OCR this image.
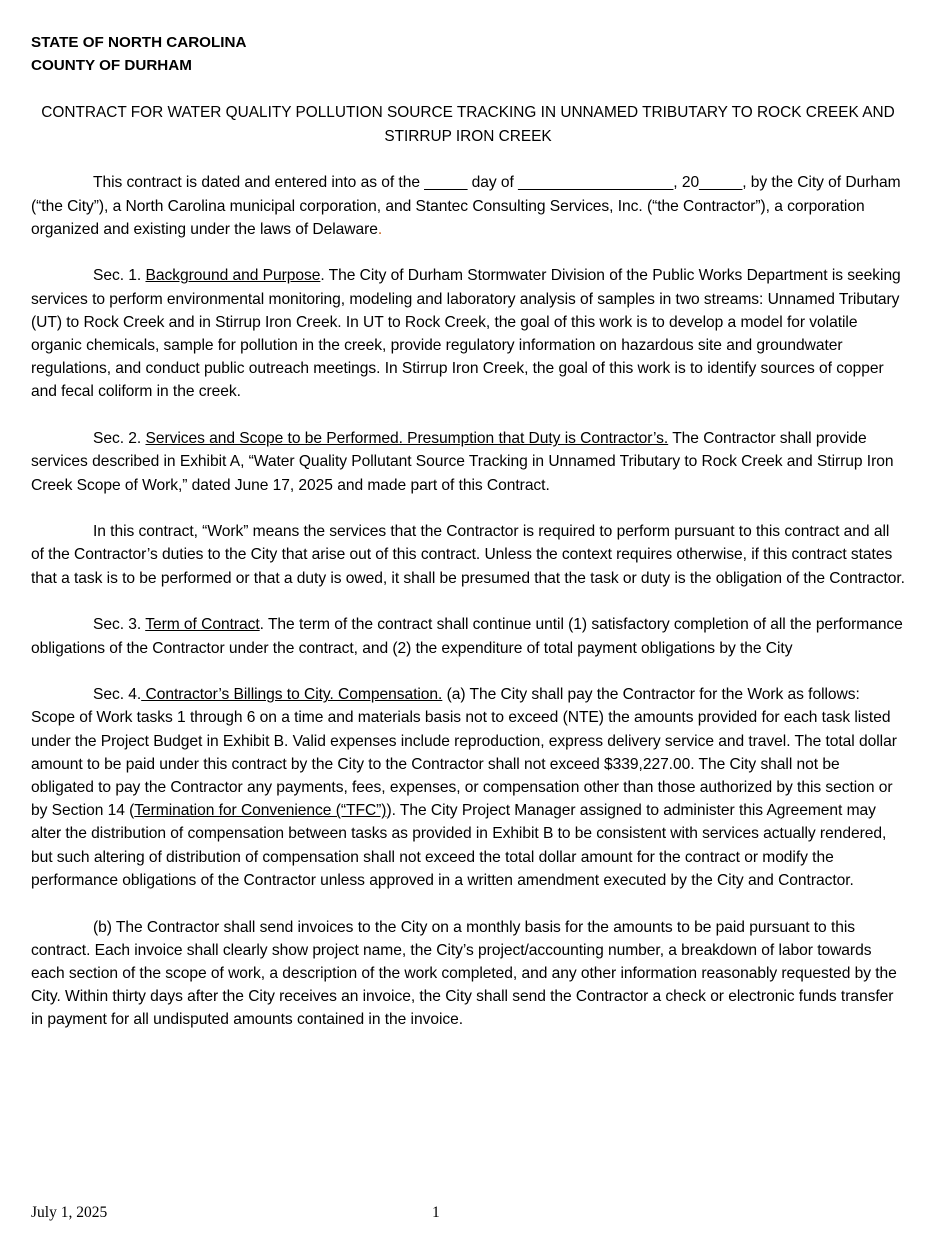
STATE OF NORTH CAROLINA
COUNTY OF DURHAM
CONTRACT FOR WATER QUALITY POLLUTION SOURCE TRACKING IN UNNAMED TRIBUTARY TO ROCK CREEK AND
STIRRUP IRON CREEK

This contract is dated and entered into as of the _____ day of __________________, 20_____, by the City of Durham (“the City”), a North Carolina municipal corporation, and Stantec Consulting Services, Inc. (“the Contractor”), a corporation organized and existing under the laws of Delaware.

Sec. 1. Background and Purpose. The City of Durham Stormwater Division of the Public Works Department is seeking services to perform environmental monitoring, modeling and laboratory analysis of samples in two streams: Unnamed Tributary (UT) to Rock Creek and in Stirrup Iron Creek. In UT to Rock Creek, the goal of this work is to develop a model for volatile organic chemicals, sample for pollution in the creek, provide regulatory information on hazardous site and groundwater regulations, and conduct public outreach meetings. In Stirrup Iron Creek, the goal of this work is to identify sources of copper and fecal coliform in the creek.

Sec. 2. Services and Scope to be Performed. Presumption that Duty is Contractor’s. The Contractor shall provide services described in Exhibit A, “Water Quality Pollutant Source Tracking in Unnamed Tributary to Rock Creek and Stirrup Iron Creek Scope of Work,” dated June 17, 2025 and made part of this Contract.

In this contract, “Work” means the services that the Contractor is required to perform pursuant to this contract and all of the Contractor’s duties to the City that arise out of this contract. Unless the context requires otherwise, if this contract states that a task is to be performed or that a duty is owed, it shall be presumed that the task or duty is the obligation of the Contractor.

Sec. 3. Term of Contract. The term of the contract shall continue until (1) satisfactory completion of all the performance obligations of the Contractor under the contract, and (2) the expenditure of total payment obligations by the City

Sec. 4. Contractor’s Billings to City. Compensation. (a) The City shall pay the Contractor for the Work as follows: Scope of Work tasks 1 through 6 on a time and materials basis not to exceed (NTE) the amounts provided for each task listed under the Project Budget in Exhibit B. Valid expenses include reproduction, express delivery service and travel. The total dollar amount to be paid under this contract by the City to the Contractor shall not exceed $339,227.00. The City shall not be obligated to pay the Contractor any payments, fees, expenses, or compensation other than those authorized by this section or by Section 14 (Termination for Convenience (“TFC”)). The City Project Manager assigned to administer this Agreement may alter the distribution of compensation between tasks as provided in Exhibit B to be consistent with services actually rendered, but such altering of distribution of compensation shall not exceed the total dollar amount for the contract or modify the performance obligations of the Contractor unless approved in a written amendment executed by the City and Contractor.

(b) The Contractor shall send invoices to the City on a monthly basis for the amounts to be paid pursuant to this contract. Each invoice shall clearly show project name, the City’s project/accounting number, a breakdown of labor towards each section of the scope of work, a description of the work completed, and any other information reasonably requested by the City. Within thirty days after the City receives an invoice, the City shall send the Contractor a check or electronic funds transfer in payment for all undisputed amounts contained in the invoice.

July 1, 2025	1
